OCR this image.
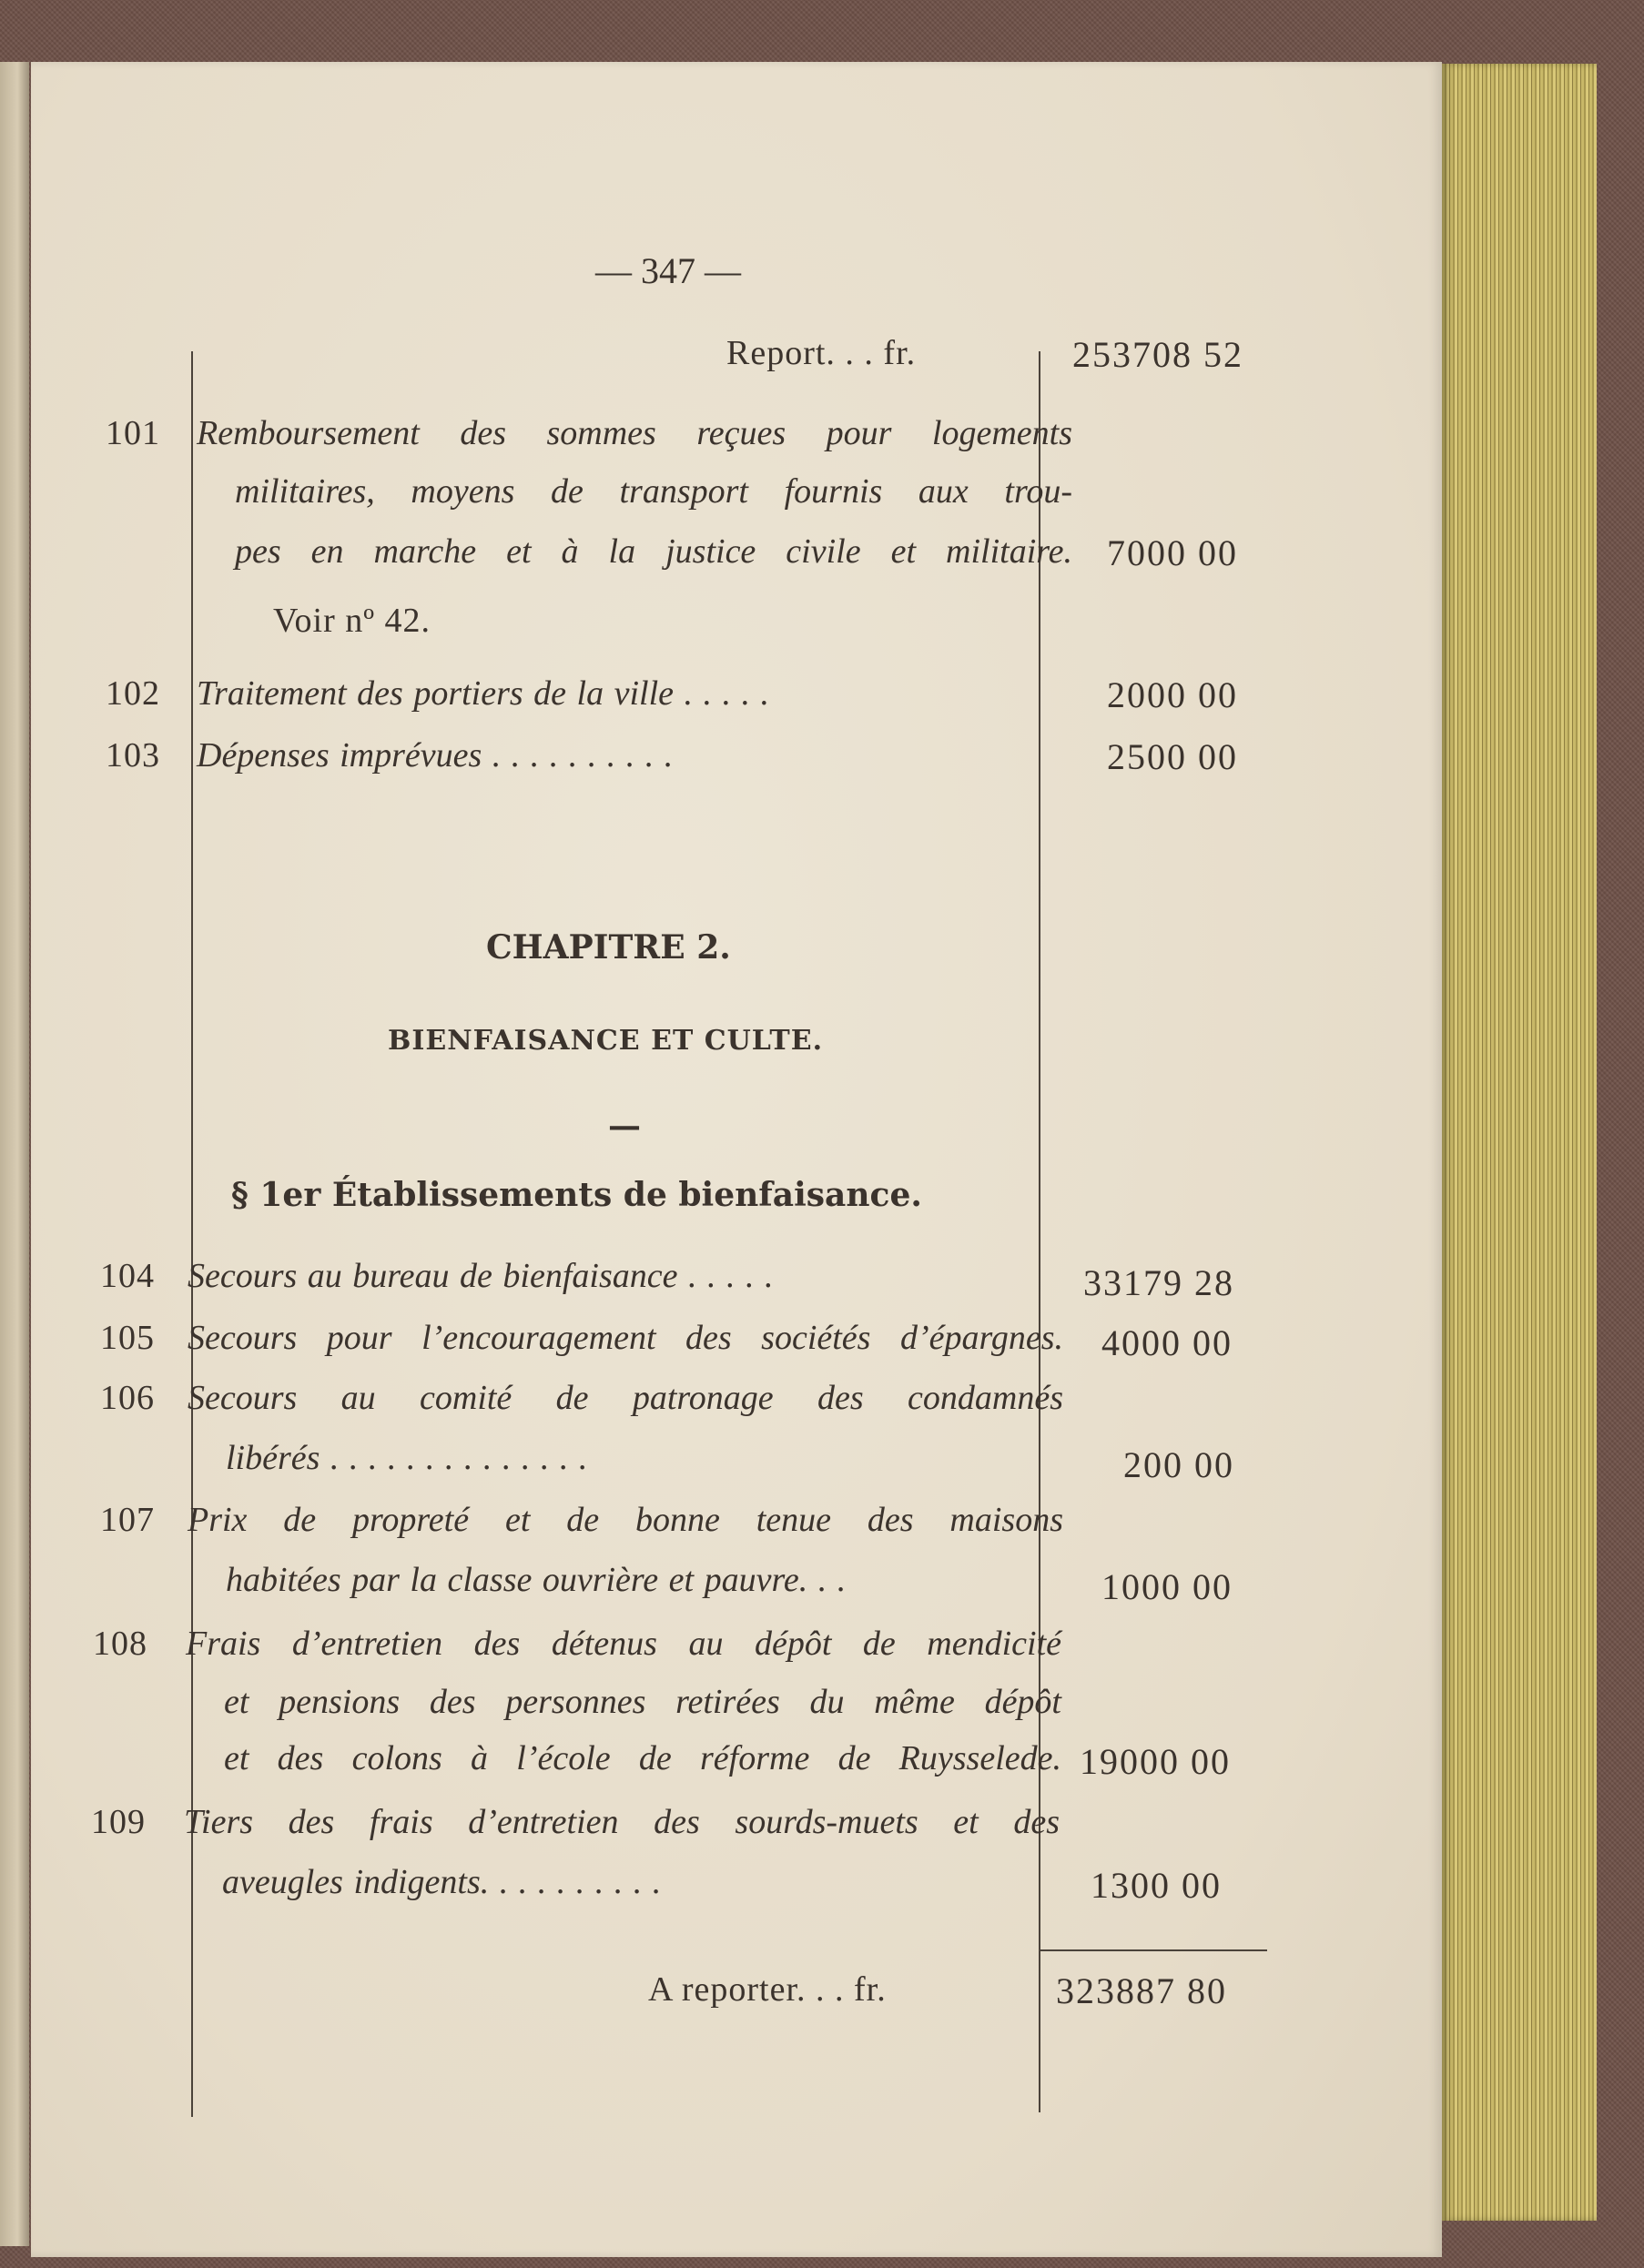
— 347 —
Report. . . fr.	253708 52
101 Remboursement des sommes reçues pour logements
militaires, moyens de transport fournis aux trou-
pes en marche et à la justice civile et militaire. 7000 00
Voir nº 42.
102 Traitement des portiers de la ville . . . . .	2000 00
103 Dépenses imprévues . . . . . . . . . .	2500 00
CHAPITRE 2.
BIENFAISANCE ET CULTE.
—
§ 1er Établissements de bienfaisance.
104 Secours au bureau de bienfaisance . . . . .	33179 28
105 Secours pour l’encouragement des sociétés d’épargnes. 4000 00
106 Secours au comité de patronage des condamnés
libérés . . . . . . . . . . . . . .	200 00
107 Prix de propreté et de bonne tenue des maisons
habitées par la classe ouvrière et pauvre. . .	1000 00
108 Frais d’entretien des détenus au dépôt de mendicité
et pensions des personnes retirées du même dépôt
et des colons à l’école de réforme de Ruysselede. 19000 00
109 Tiers des frais d’entretien des sourds-muets et des
aveugles indigents. . . . . . . . . .	1300 00
A reporter. . . fr.	323887 80
